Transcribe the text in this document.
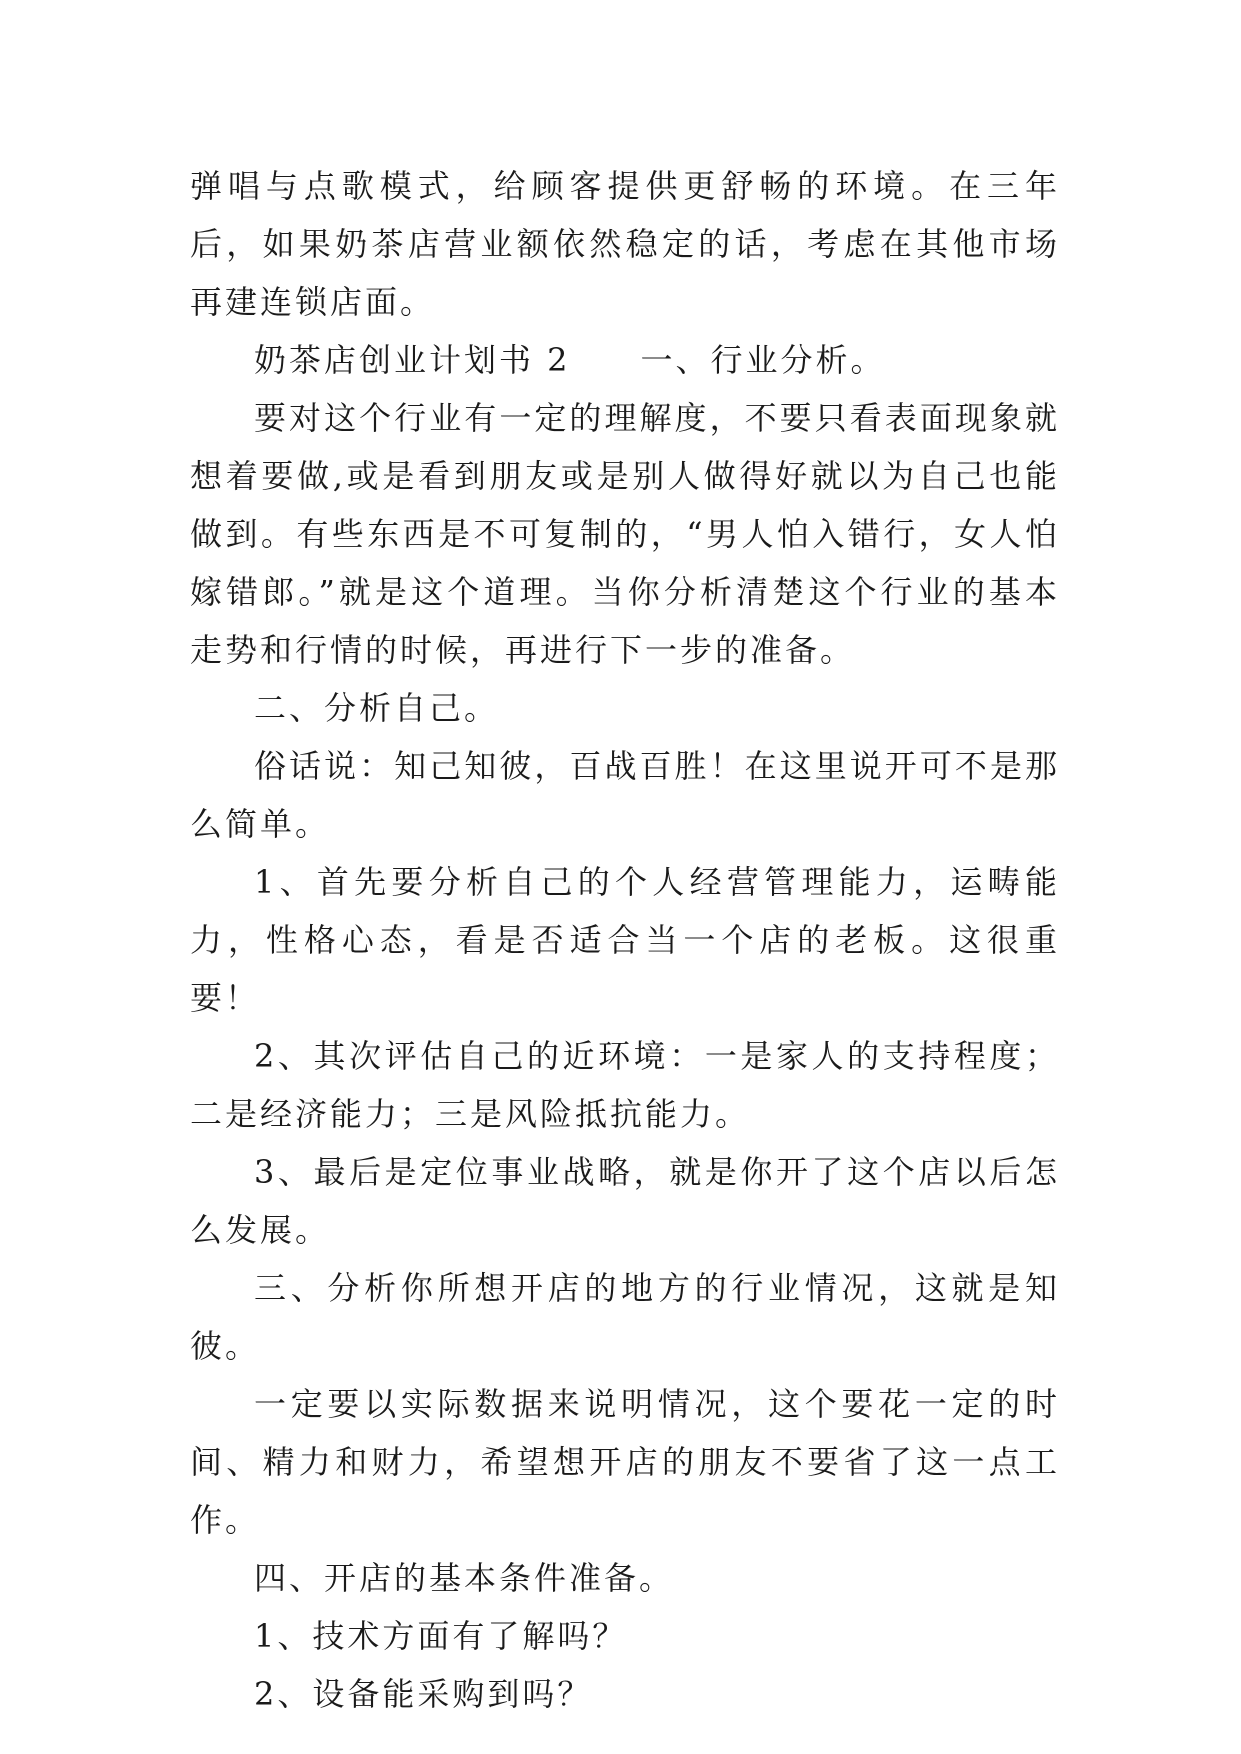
弹唱与点歌模式，给顾客提供更舒畅的环境。在三年后，如果奶茶店营业额依然稳定的话，考虑在其他市场再建连锁店面。

奶茶店创业计划书 2　　一、行业分析。

要对这个行业有一定的理解度，不要只看表面现象就想着要做,或是看到朋友或是别人做得好就以为自己也能做到。有些东西是不可复制的，“男人怕入错行，女人怕嫁错郎。”就是这个道理。当你分析清楚这个行业的基本走势和行情的时候，再进行下一步的准备。

二、分析自己。

俗话说：知己知彼，百战百胜！在这里说开可不是那么简单。

1、首先要分析自己的个人经营管理能力，运畴能力，性格心态，看是否适合当一个店的老板。这很重要！

2、其次评估自己的近环境：一是家人的支持程度；二是经济能力；三是风险抵抗能力。

3、最后是定位事业战略，就是你开了这个店以后怎么发展。

三、分析你所想开店的地方的行业情况，这就是知彼。

一定要以实际数据来说明情况，这个要花一定的时间、精力和财力，希望想开店的朋友不要省了这一点工作。

四、开店的基本条件准备。

1、技术方面有了解吗？

2、设备能采购到吗？
